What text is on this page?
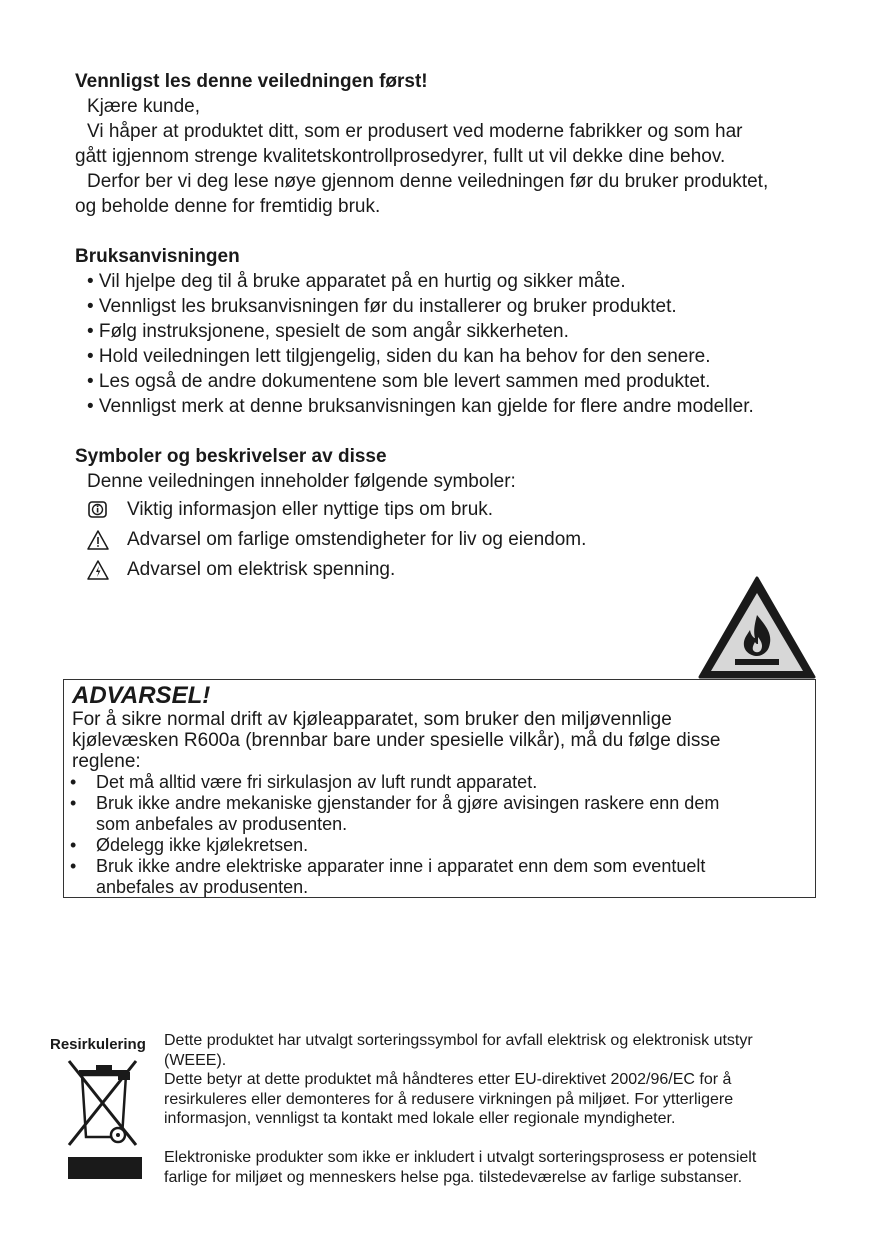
Vennligst les denne veiledningen først!

Kjære kunde,

Vi håper at produktet ditt, som er produsert ved moderne fabrikker og som har

gått igjennom strenge kvalitetskontrollprosedyrer, fullt ut vil dekke dine behov.

Derfor ber vi deg lese nøye gjennom denne veiledningen før du bruker produktet,

og beholde denne for fremtidig bruk.

Bruksanvisningen

• Vil hjelpe deg til å bruke apparatet på en hurtig og sikker måte.

• Vennligst les bruksanvisningen før du installerer og bruker produktet.

• Følg instruksjonene, spesielt de som angår sikkerheten.

• Hold veiledningen lett tilgjengelig, siden du kan ha behov for den senere.

• Les også de andre dokumentene som ble levert sammen med produktet.

• Vennligst merk at denne bruksanvisningen kan gjelde for flere andre modeller.

Symboler og beskrivelser av disse

Denne veiledningen inneholder følgende symboler:

Viktig informasjon eller nyttige tips om bruk.
Advarsel om farlige omstendigheter for liv og eiendom.
Advarsel om elektrisk spenning.
ADVARSEL!
For å sikre normal drift av kjøleapparatet, som bruker den miljøvennlige
kjølevæsken R600a (brennbar bare under spesielle vilkår), må du følge disse
reglene:
• Det må alltid være fri sirkulasjon av luft rundt apparatet.
• Bruk ikke andre mekaniske gjenstander for å gjøre avisingen raskere enn dem
som anbefales av produsenten.
• Ødelegg ikke kjølekretsen.
• Bruk ikke andre elektriske apparater inne i apparatet enn dem som eventuelt
anbefales av produsenten.
Resirkulering Dette produktet har utvalgt sorteringssymbol for avfall elektrisk og elektronisk utstyr
(WEEE).
Dette betyr at dette produktet må håndteres etter EU-direktivet 2002/96/EC for å
resirkuleres eller demonteres for å redusere virkningen på miljøet. For ytterligere
informasjon, vennligst ta kontakt med lokale eller regionale myndigheter.
Elektroniske produkter som ikke er inkludert i utvalgt sorteringsprosess er potensielt
farlige for miljøet og menneskers helse pga. tilstedeværelse av farlige substanser.
